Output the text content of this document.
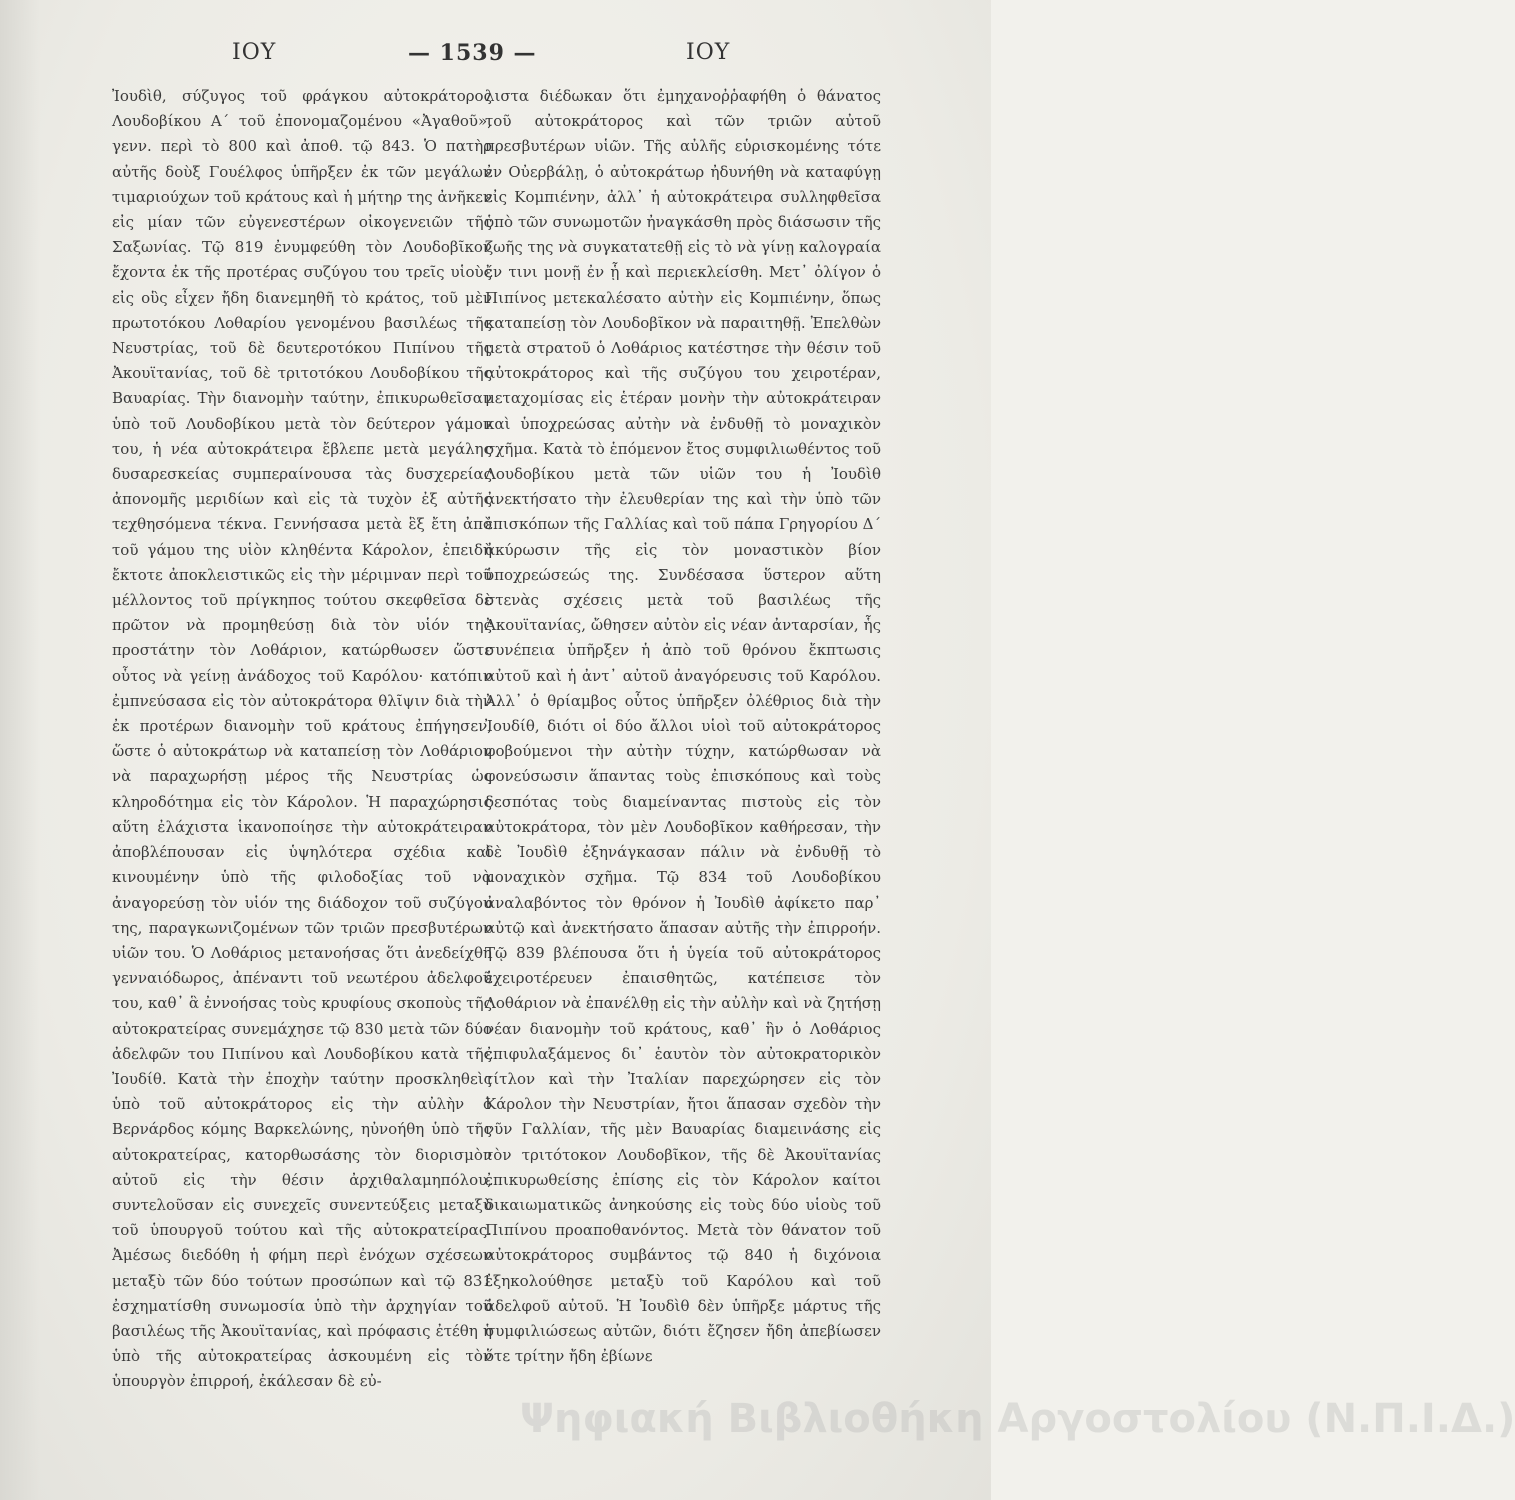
ΙΟΥ	— 1539 —	ΙΟΥ

Ἰουδὶθ, σύζυγος τοῦ φράγκου αὐτοκράτορος Λουδοβίκου Α΄ τοῦ ἐπονομαζομένου «Ἀγαθοῦ», γενν. περὶ τὸ 800 καὶ ἀποθ. τῷ 843. Ὁ πατὴρ αὐτῆς δοὺξ Γουέλφος ὑπῆρξεν ἐκ τῶν μεγάλων τιμαριούχων τοῦ κράτους καὶ ἡ μήτηρ της ἀνῆκεν εἰς μίαν τῶν εὐγενεστέρων οἰκογενειῶν τῆς Σαξωνίας. Τῷ 819 ἐνυμφεύθη τὸν Λουδοβῖκον ἔχοντα ἐκ τῆς προτέρας συζύγου του τρεῖς υἱοὺς εἰς οὓς εἶχεν ἤδη διανεμηθῆ τὸ κράτος, τοῦ μὲν πρωτοτόκου Λοθαρίου γενομένου βασιλέως τῆς Νευστρίας, τοῦ δὲ δευτεροτόκου Πιπίνου τῆς Ἀκουϊτανίας, τοῦ δὲ τριτοτόκου Λουδοβίκου τῆς Βαυαρίας. Τὴν διανομὴν ταύτην, ἐπικυρωθεῖσαν ὑπὸ τοῦ Λουδοβίκου μετὰ τὸν δεύτερον γάμον του, ἡ νέα αὐτοκράτειρα ἔβλεπε μετὰ μεγάλης δυσαρεσκείας συμπεραίνουσα τὰς δυσχερείας ἀπονομῆς μεριδίων καὶ εἰς τὰ τυχὸν ἐξ αὐτῆς τεχθησόμενα τέκνα. Γεννήσασα μετὰ ἓξ ἔτη ἀπὸ τοῦ γάμου της υἱὸν κληθέντα Κάρολον, ἐπειδὴ ἔκτοτε ἀποκλειστικῶς εἰς τὴν μέριμναν περὶ τοῦ μέλλοντος τοῦ πρίγκηπος τούτου σκεφθεῖσα δὲ πρῶτον νὰ προμηθεύσῃ διὰ τὸν υἱόν της προστάτην τὸν Λοθάριον, κατώρθωσεν ὥστε οὗτος νὰ γείνῃ ἀνάδοχος τοῦ Καρόλου· κατόπιν ἐμπνεύσασα εἰς τὸν αὐτοκράτορα θλῖψιν διὰ τὴν ἐκ προτέρων διανομὴν τοῦ κράτους ἐπήγησεν, ὥστε ὁ αὐτοκράτωρ νὰ καταπείσῃ τὸν Λοθάριον νὰ παραχωρήσῃ μέρος τῆς Νευστρίας ὡς κληροδότημα εἰς τὸν Κάρολον. Ἡ παραχώρησις αὕτη ἐλάχιστα ἱκανοποίησε τὴν αὐτοκράτειραν ἀποβλέπουσαν εἰς ὑψηλότερα σχέδια καὶ κινουμένην ὑπὸ τῆς φιλοδοξίας τοῦ νὰ ἀναγορεύσῃ τὸν υἱόν της διάδοχον τοῦ συζύγου της, παραγκωνιζομένων τῶν τριῶν πρεσβυτέρων υἱῶν του. Ὁ Λοθάριος μετανοήσας ὅτι ἀνεδείχθη γενναιόδωρος, ἀπέναντι τοῦ νεωτέρου ἀδελφοῦ του, καθ᾽ ἃ ἐννοήσας τοὺς κρυφίους σκοποὺς τῆς αὐτοκρατείρας συνεμάχησε τῷ 830 μετὰ τῶν δύο ἀδελφῶν του Πιπίνου καὶ Λουδοβίκου κατὰ τῆς Ἰουδίθ. Κατὰ τὴν ἐποχὴν ταύτην προσκληθεὶς ὑπὸ τοῦ αὐτοκράτορος εἰς τὴν αὐλὴν ὁ Βερνάρδος κόμης Βαρκελώνης, ηὐνοήθη ὑπὸ τῆς αὐτοκρατείρας, κατορθωσάσης τὸν διορισμὸν αὐτοῦ εἰς τὴν θέσιν ἀρχιθαλαμηπόλου, συντελοῦσαν εἰς συνεχεῖς συνεντεύξεις μεταξὺ τοῦ ὑπουργοῦ τούτου καὶ τῆς αὐτοκρατείρας. Ἀμέσως διεδόθη ἡ φήμη περὶ ἐνόχων σχέσεων μεταξὺ τῶν δύο τούτων προσώπων καὶ τῷ 831 ἐσχηματίσθη συνωμοσία ὑπὸ τὴν ἀρχηγίαν τοῦ βασιλέως τῆς Ἀκουϊτανίας, καὶ πρόφασις ἐτέθη ἡ ὑπὸ τῆς αὐτοκρατείρας ἀσκουμένη εἰς τὸν ὑπουργὸν ἐπιρροή, ἐκάλεσαν δὲ εὐ-

λιστα διέδωκαν ὅτι ἐμηχανοῤῥαφήθη ὁ θάνατος τοῦ αὐτοκράτορος καὶ τῶν τριῶν αὐτοῦ πρεσβυτέρων υἱῶν. Τῆς αὐλῆς εὑρισκομένης τότε ἐν Οὐερβάλῃ, ὁ αὐτοκράτωρ ἠδυνήθη νὰ καταφύγῃ εἰς Κομπιένην, ἀλλ᾽ ἡ αὐτοκράτειρα συλληφθεῖσα ὑπὸ τῶν συνωμοτῶν ἠναγκάσθη πρὸς διάσωσιν τῆς ζωῆς της νὰ συγκατατεθῇ εἰς τὸ νὰ γίνῃ καλογραία ἔν τινι μονῇ ἐν ᾗ καὶ περιεκλείσθη. Μετ᾽ ὀλίγον ὁ Πιπίνος μετεκαλέσατο αὐτὴν εἰς Κομπιένην, ὅπως καταπείσῃ τὸν Λουδοβῖκον νὰ παραιτηθῇ. Ἐπελθὼν μετὰ στρατοῦ ὁ Λοθάριος κατέστησε τὴν θέσιν τοῦ αὐτοκράτορος καὶ τῆς συζύγου του χειροτέραν, μεταχομίσας εἰς ἑτέραν μονὴν τὴν αὐτοκράτειραν καὶ ὑποχρεώσας αὐτὴν νὰ ἐνδυθῇ τὸ μοναχικὸν σχῆμα. Κατὰ τὸ ἑπόμενον ἔτος συμφιλιωθέντος τοῦ Λουδοβίκου μετὰ τῶν υἱῶν του ἡ Ἰουδὶθ ἀνεκτήσατο τὴν ἐλευθερίαν της καὶ τὴν ὑπὸ τῶν ἐπισκόπων τῆς Γαλλίας καὶ τοῦ πάπα Γρηγορίου Δ΄ ἀκύρωσιν τῆς εἰς τὸν μοναστικὸν βίον ὑποχρεώσεώς της. Συνδέσασα ὕστερον αὕτη στενὰς σχέσεις μετὰ τοῦ βασιλέως τῆς Ἀκουϊτανίας, ὤθησεν αὐτὸν εἰς νέαν ἀνταρσίαν, ἧς συνέπεια ὑπῆρξεν ἡ ἀπὸ τοῦ θρόνου ἔκπτωσις αὐτοῦ καὶ ἡ ἀντ᾽ αὐτοῦ ἀναγόρευσις τοῦ Καρόλου. Ἀλλ᾽ ὁ θρίαμβος οὗτος ὑπῆρξεν ὀλέθριος διὰ τὴν Ἰουδίθ, διότι οἱ δύο ἄλλοι υἱοὶ τοῦ αὐτοκράτορος φοβούμενοι τὴν αὐτὴν τύχην, κατώρθωσαν νὰ φονεύσωσιν ἅπαντας τοὺς ἐπισκόπους καὶ τοὺς δεσπότας τοὺς διαμείναντας πιστοὺς εἰς τὸν αὐτοκράτορα, τὸν μὲν Λουδοβῖκον καθήρεσαν, τὴν δὲ Ἰουδὶθ ἐξηνάγκασαν πάλιν νὰ ἐνδυθῇ τὸ μοναχικὸν σχῆμα. Τῷ 834 τοῦ Λουδοβίκου ἀναλαβόντος τὸν θρόνον ἡ Ἰουδὶθ ἀφίκετο παρ᾽ αὐτῷ καὶ ἀνεκτήσατο ἅπασαν αὐτῆς τὴν ἐπιρροήν. Τῷ 839 βλέπουσα ὅτι ἡ ὑγεία τοῦ αὐτοκράτορος ἐχειροτέρευεν ἐπαισθητῶς, κατέπεισε τὸν Λοθάριον νὰ ἐπανέλθῃ εἰς τὴν αὐλὴν καὶ νὰ ζητήσῃ νέαν διανομὴν τοῦ κράτους, καθ᾽ ἣν ὁ Λοθάριος ἐπιφυλαξάμενος δι᾽ ἑαυτὸν τὸν αὐτοκρατορικὸν τίτλον καὶ τὴν Ἰταλίαν παρεχώρησεν εἰς τὸν Κάρολον τὴν Νευστρίαν, ἤτοι ἅπασαν σχεδὸν τὴν νῦν Γαλλίαν, τῆς μὲν Βαυαρίας διαμεινάσης εἰς τὸν τριτότοκον Λουδοβῖκον, τῆς δὲ Ἀκουϊτανίας ἐπικυρωθείσης ἐπίσης εἰς τὸν Κάρολον καίτοι δικαιωματικῶς ἀνηκούσης εἰς τοὺς δύο υἱοὺς τοῦ Πιπίνου προαποθανόντος. Μετὰ τὸν θάνατον τοῦ αὐτοκράτορος συμβάντος τῷ 840 ἡ διχόνοια ἐξηκολούθησε μεταξὺ τοῦ Καρόλου καὶ τοῦ ἀδελφοῦ αὐτοῦ. Ἡ Ἰουδὶθ δὲν ὑπῆρξε μάρτυς τῆς συμφιλιώσεως αὐτῶν, διότι ἔζησεν ἤδη ἀπεβίωσεν ὅτε τρίτην ἤδη ἐβίωνε

Ψηφιακή Βιβλιοθήκη Αργοστολίου (Ν.Π.Ι.Δ.)
